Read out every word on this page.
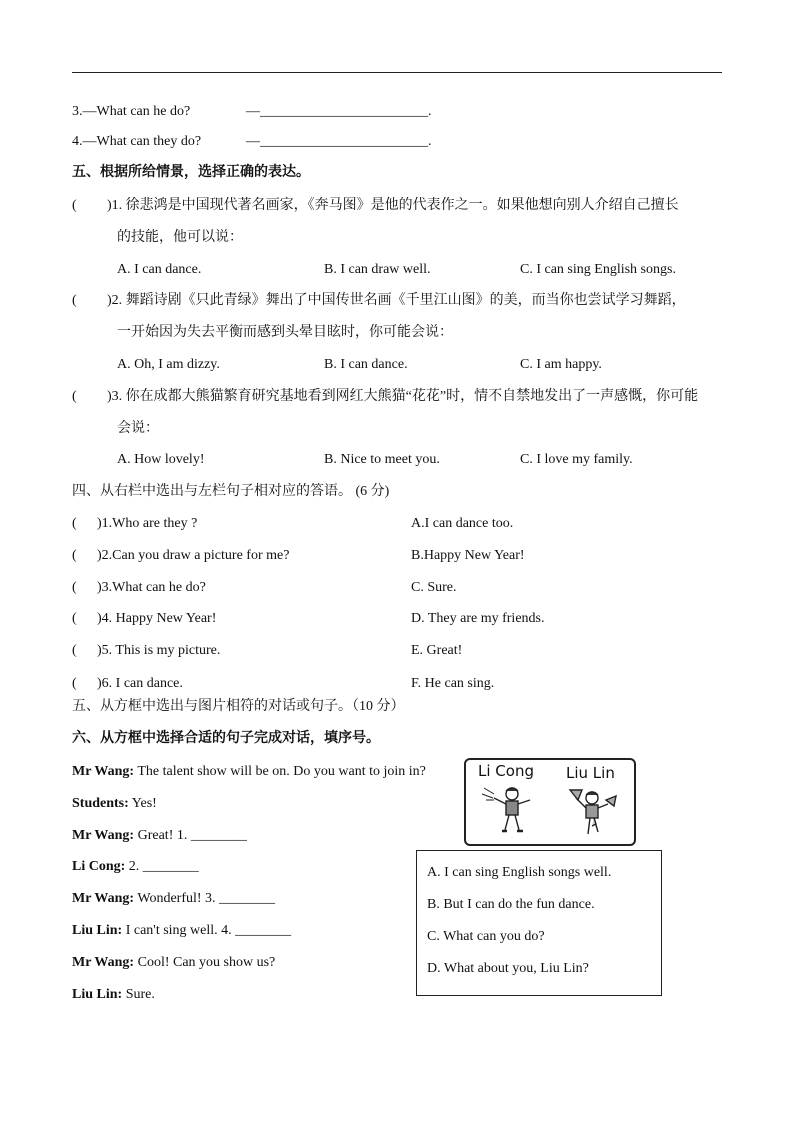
3.—What can he do?	—________________________.
4.—What can they do?	—________________________.
五、根据所给情景，选择正确的表达。
( )1. 徐悲鸿是中国现代著名画家，《奔马图》是他的代表作之一。如果他想向别人介绍自己擅长
的技能，他可以说：
A. I can dance.	B. I can draw well.	C. I can sing English songs.
( )2. 舞蹈诗剧《只此青绿》舞出了中国传世名画《千里江山图》的美，而当你也尝试学习舞蹈，
一开始因为失去平衡而感到头晕目眩时，你可能会说：
A. Oh, I am dizzy.	B. I can dance.	C. I am happy.
( )3. 你在成都大熊猫繁育研究基地看到网红大熊猫“花花”时，情不自禁地发出了一声感慨，你可能
会说：
A. How lovely!	B. Nice to meet you.	C. I love my family.
四、从右栏中选出与左栏句子相对应的答语。 (6 分)
( )1.Who are they ?	A.I can dance too.
( )2.Can you draw a picture for me?	B.Happy New Year!
( )3.What can he do?	C. Sure.
( )4. Happy New Year!	D. They are my friends.
( )5. This is my picture.	E. Great!
( )6. I can dance.	F. He can sing.
五、从方框中选出与图片相符的对话或句子。（10 分）
六、从方框中选择合适的句子完成对话，填序号。
Mr Wang: The talent show will be on. Do you want to join in?
Students: Yes!
Mr Wang: Great! 1. ________
Li Cong: 2. ________
Mr Wang: Wonderful! 3. ________
Liu Lin: I can't sing well. 4. ________
Mr Wang: Cool! Can you show us?
Liu Lin: Sure.
Li Cong Liu Lin
A. I can sing English songs well.
B. But I can do the fun dance.
C. What can you do?
D. What about you, Liu Lin?
